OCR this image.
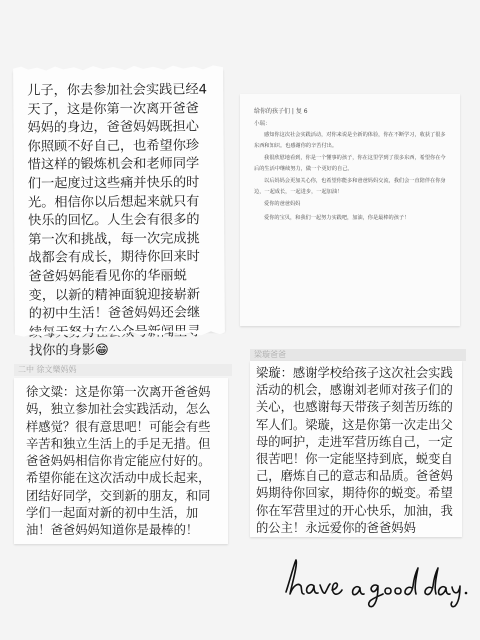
儿子，你去参加社会实践已经4天了，这是你第一次离开爸爸妈妈的身边，爸爸妈妈既担心你照顾不好自己，也希望你珍惜这样的锻炼机会和老师同学们一起度过这些痛并快乐的时光。相信你以后想起来就只有快乐的回忆。人生会有很多的第一次和挑战，每一次完成挑战都会有成长，期待你回来时爸爸妈妈能看见你的华丽蜕变，以新的精神面貌迎接崭新的初中生活！爸爸妈妈还会继续每天努力在公众号新闻里寻找你的身影😁
给你的孩子们 | 复 6
小瑞：

感知你这次社会实践活动，对你来说是全新的体验，你在不断学习，收获了很多东西和知识。也感谢你的辛苦付出。

我很欣慰地看到，你是一个懂事的孩子，你在这里学到了很多东西，希望你在今后的生活中继续努力，做一个更好的自己。

以后妈妈会更加关心你，也希望你能多和爸爸妈妈交流，我们会一直陪伴在你身边，一起成长，一起进步，一起加油！

爱你的爸爸妈妈

爱你的宝贝，和我们一起努力实践吧，加油，你是最棒的孩子！
二中 徐文樂妈妈
徐文粱：这是你第一次离开爸爸妈妈，独立参加社会实践活动，怎么样感觉？很有意思吧！可能会有些辛苦和独立生活上的手足无措。但爸爸妈妈相信你肯定能应付好的。希望你能在这次活动中成长起来，团结好同学，交到新的朋友，和同学们一起面对新的初中生活，加油！爸爸妈妈知道你是最棒的！
梁璇爸爸
梁璇：感谢学校给孩子这次社会实践活动的机会，感谢刘老师对孩子们的关心，也感谢每天带孩子刻苦历练的军人们。梁璇，这是你第一次走出父母的呵护，走进军营历练自己，一定很苦吧！你一定能坚持到底，蜕变自己，磨炼自己的意志和品质。爸爸妈妈期待你回家，期待你的蜕变。希望你在军营里过的开心快乐，加油，我的公主！永远爱你的爸爸妈妈
